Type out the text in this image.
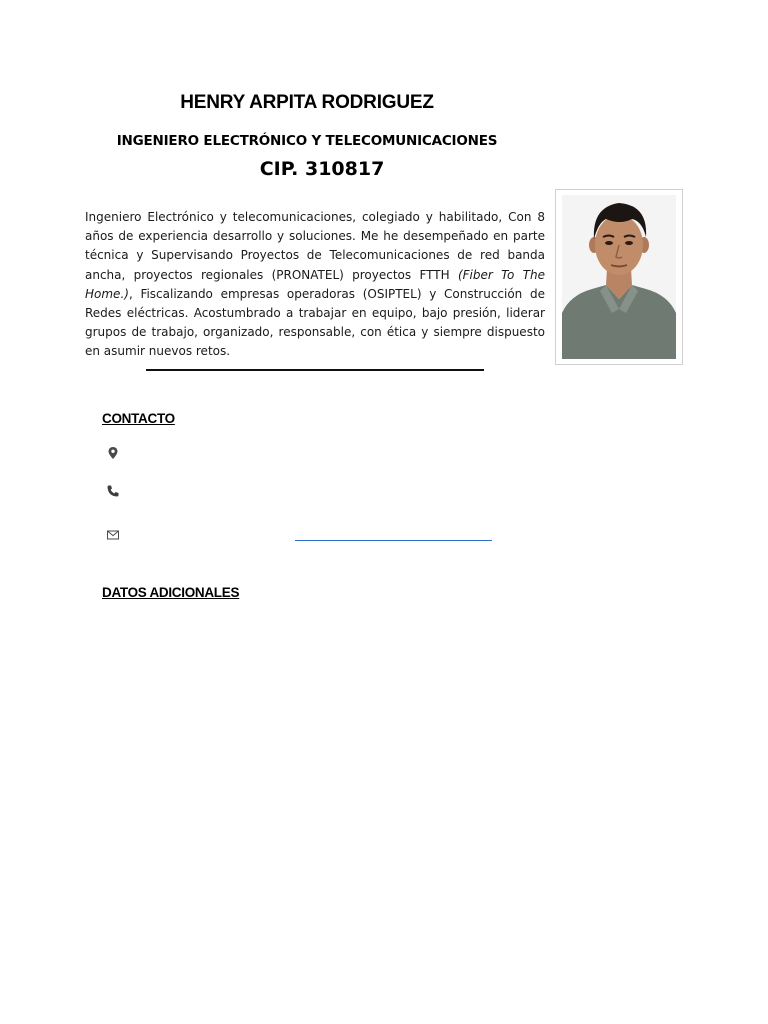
HENRY ARPITA RODRIGUEZ
INGENIERO ELECTRÓNICO Y TELECOMUNICACIONES
CIP. 310817

Ingeniero Electrónico y telecomunicaciones, colegiado y habilitado, Con 8 años de experiencia desarrollo y soluciones. Me he desempeñado en parte técnica y Supervisando Proyectos de Telecomunicaciones de red banda ancha, proyectos regionales (PRONATEL) proyectos FTTH (Fiber To The Home.), Fiscalizando empresas operadoras (OSIPTEL) y Construcción de Redes eléctricas. Acostumbrado a trabajar en equipo, bajo presión, liderar grupos de trabajo, organizado, responsable, con ética y siempre dispuesto en asumir nuevos retos.

CONTACTO
DATOS ADICIONALES
